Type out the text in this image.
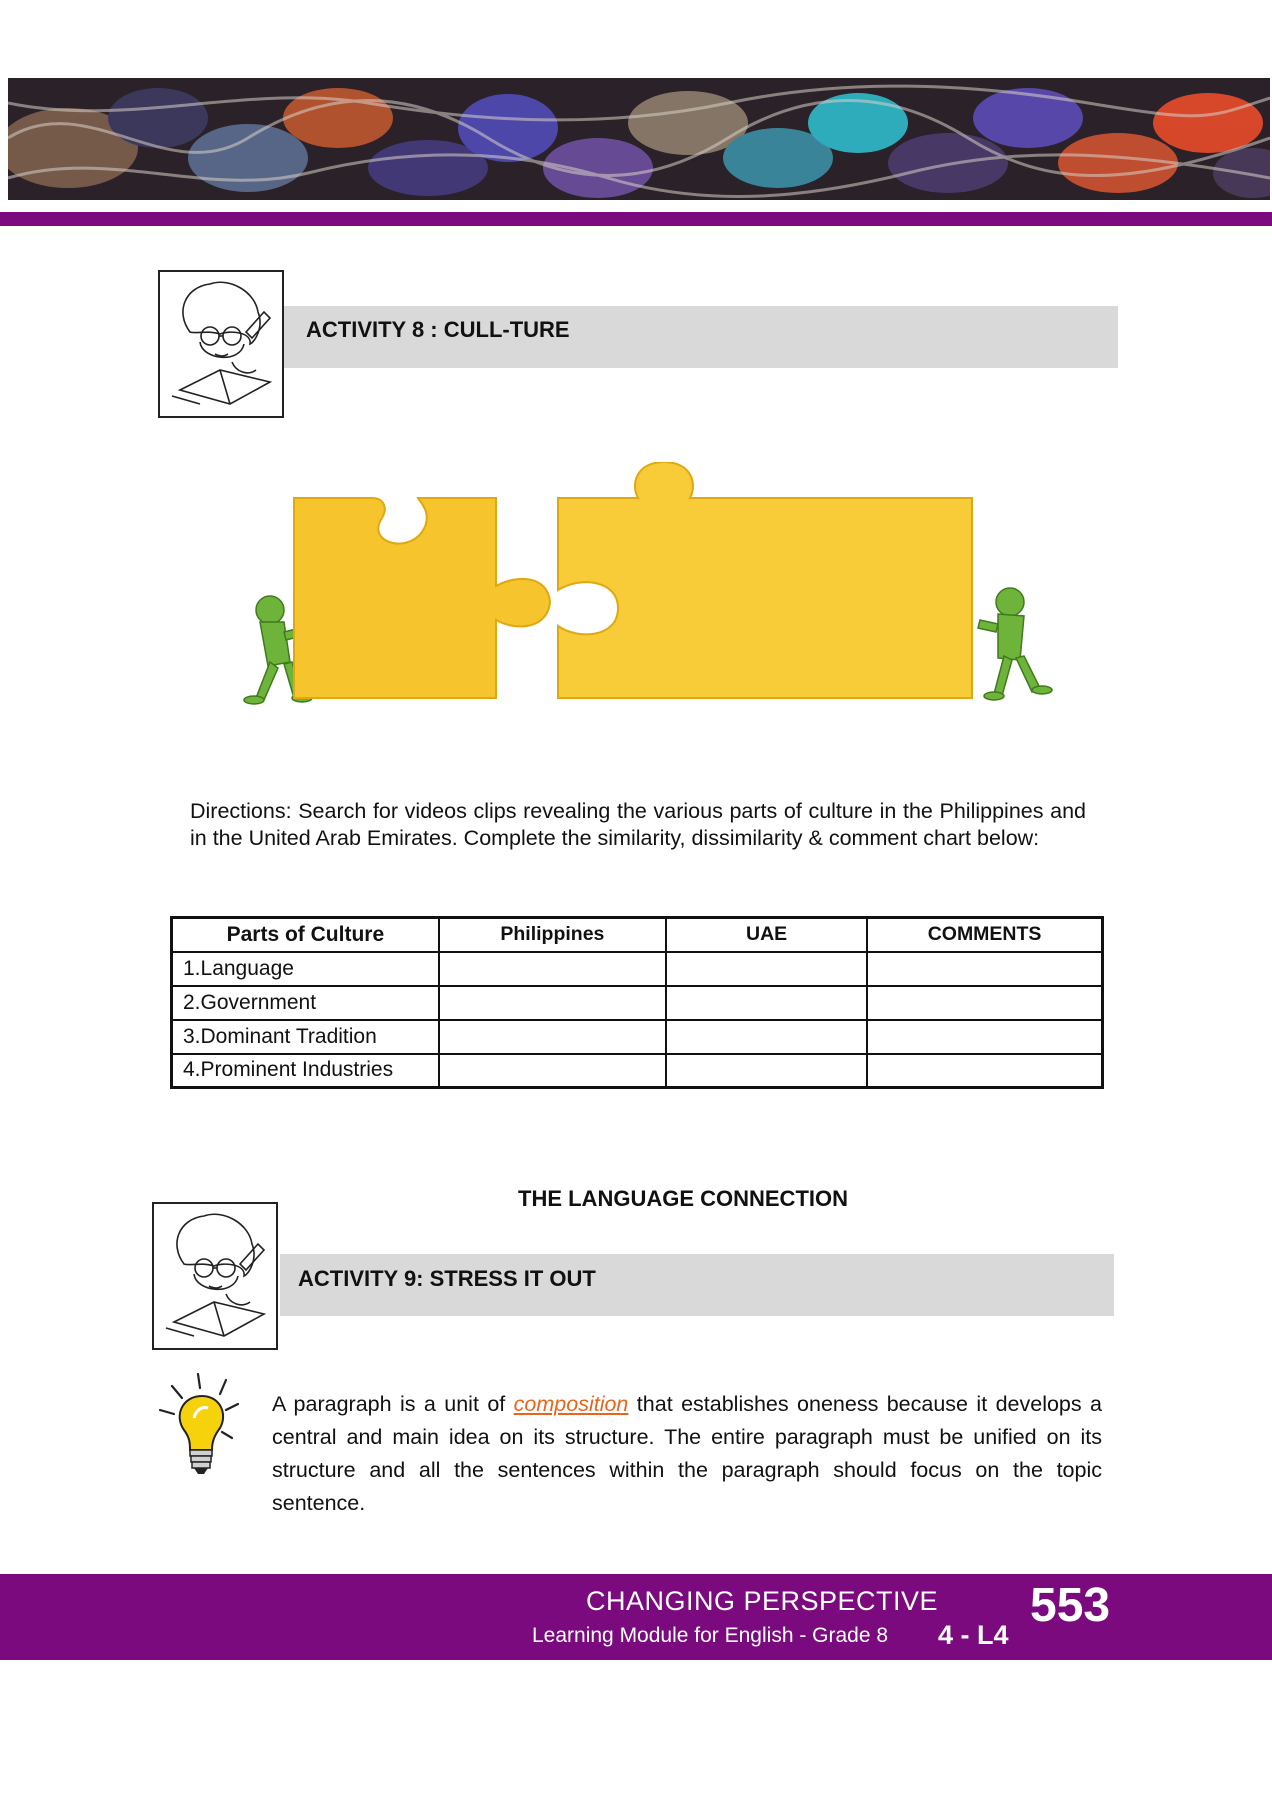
ACTIVITY 8 : CULL-TURE
Directions: Search for videos clips revealing the various parts of culture in the Philippines and in the United Arab Emirates. Complete the similarity, dissimilarity & comment chart below:
Parts of Culture	Philippines	UAE	COMMENTS
1.Language			
2.Government			
3.Dominant Tradition			
4.Prominent Industries			
THE LANGUAGE CONNECTION
ACTIVITY 9: STRESS IT OUT
A paragraph is a unit of composition that establishes oneness because it develops a central and main idea on its structure. The entire paragraph must be unified on its structure and all the sentences within the paragraph should focus on the topic sentence.
CHANGING PERSPECTIVE
Learning Module for English - Grade 8 4 - L4
553
